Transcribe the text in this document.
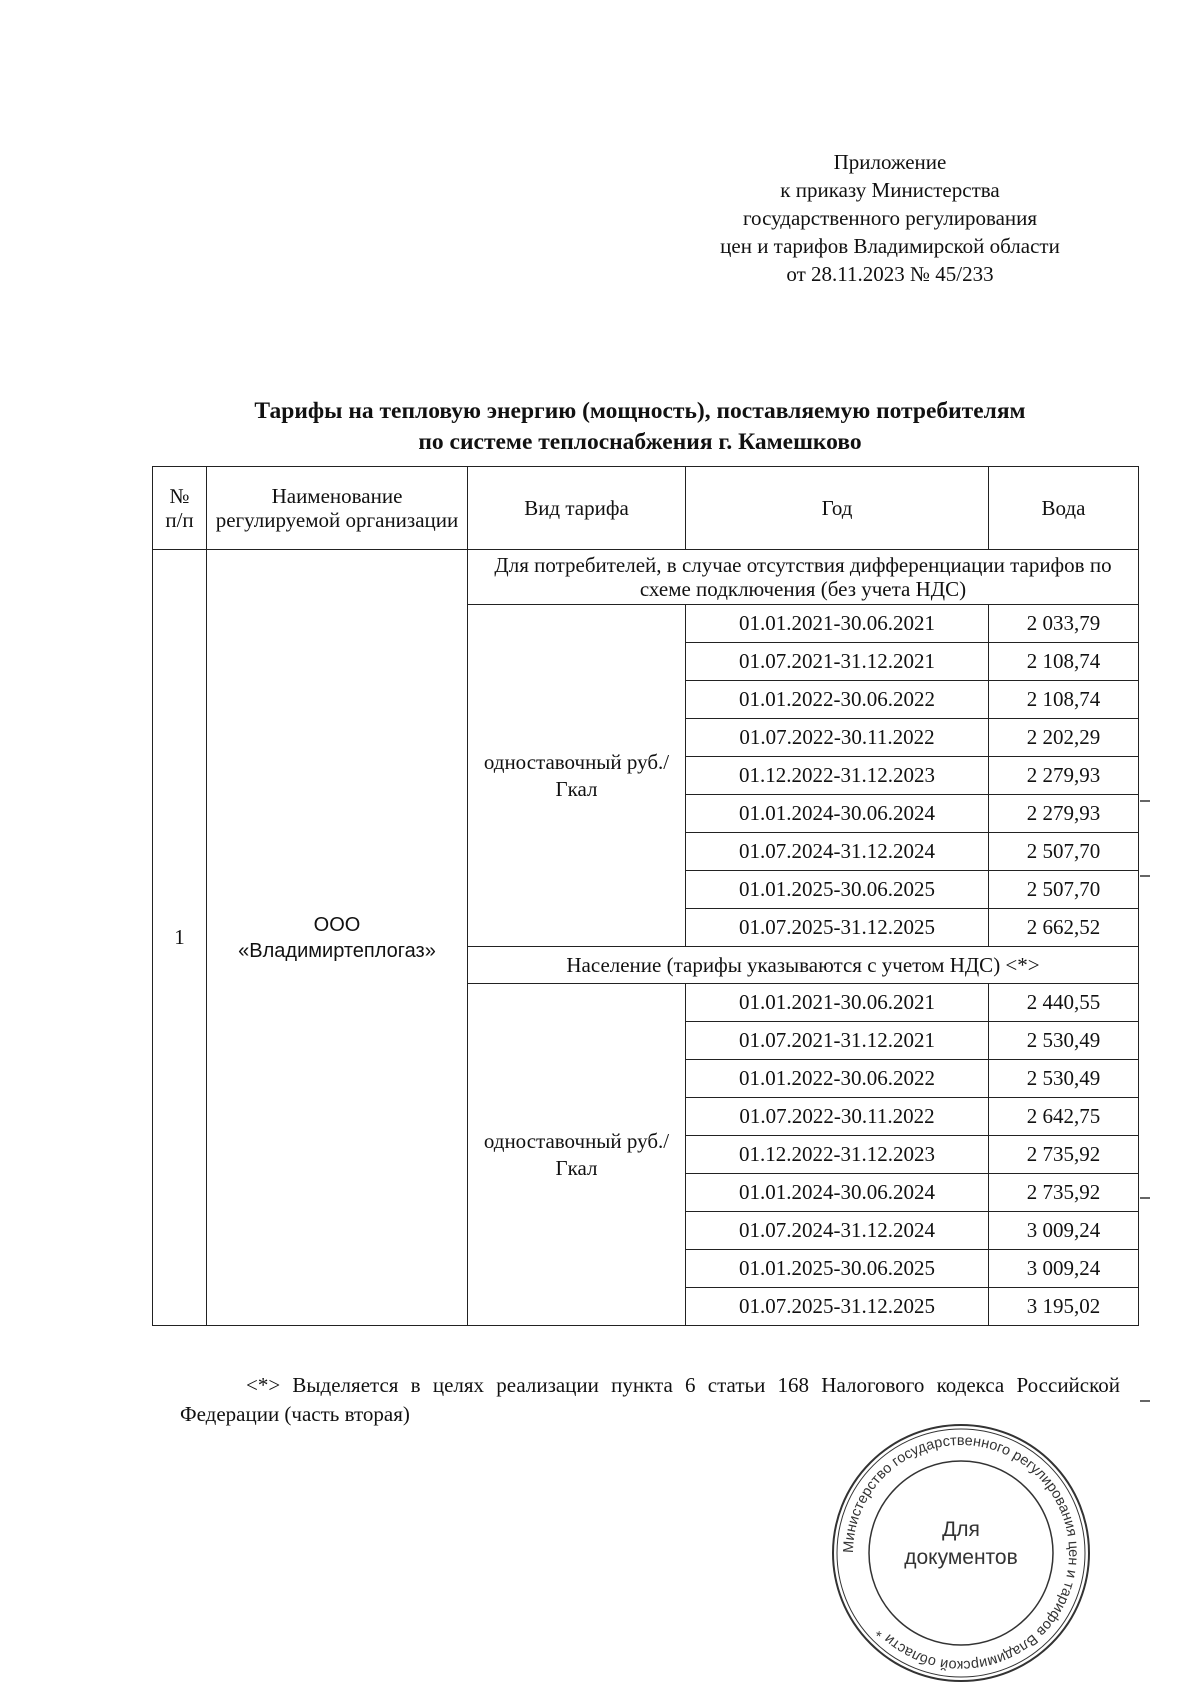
Приложение
к приказу Министерства
государственного регулирования
цен и тарифов Владимирской области
от 28.11.2023 № 45/233
Тарифы на тепловую энергию (мощность), поставляемую потребителям
по системе теплоснабжения г. Камешково
№ п/п	Наименование регулируемой организации	Вид тарифа	Год	Вода
1	ООО «Владимиртеплогаз»	Для потребителей, в случае отсутствия дифференциации тарифов по схеме подключения (без учета НДС)		
		одноставочный руб./Гкал	01.01.2021-30.06.2021	2 033,79
			01.07.2021-31.12.2021	2 108,74
			01.01.2022-30.06.2022	2 108,74
			01.07.2022-30.11.2022	2 202,29
			01.12.2022-31.12.2023	2 279,93
			01.01.2024-30.06.2024	2 279,93
			01.07.2024-31.12.2024	2 507,70
			01.01.2025-30.06.2025	2 507,70
			01.07.2025-31.12.2025	2 662,52
		Население (тарифы указываются с учетом НДС) <*>		
		одноставочный руб./Гкал	01.01.2021-30.06.2021	2 440,55
			01.07.2021-31.12.2021	2 530,49
			01.01.2022-30.06.2022	2 530,49
			01.07.2022-30.11.2022	2 642,75
			01.12.2022-31.12.2023	2 735,92
			01.01.2024-30.06.2024	2 735,92
			01.07.2024-31.12.2024	3 009,24
			01.01.2025-30.06.2025	3 009,24
			01.07.2025-31.12.2025	3 195,02
<*> Выделяется в целях реализации пункта 6 статьи 168 Налогового кодекса Российской Федерации (часть вторая)
Министерство государственного регулирования цен и тарифов Владимирской области *
Для
документов
